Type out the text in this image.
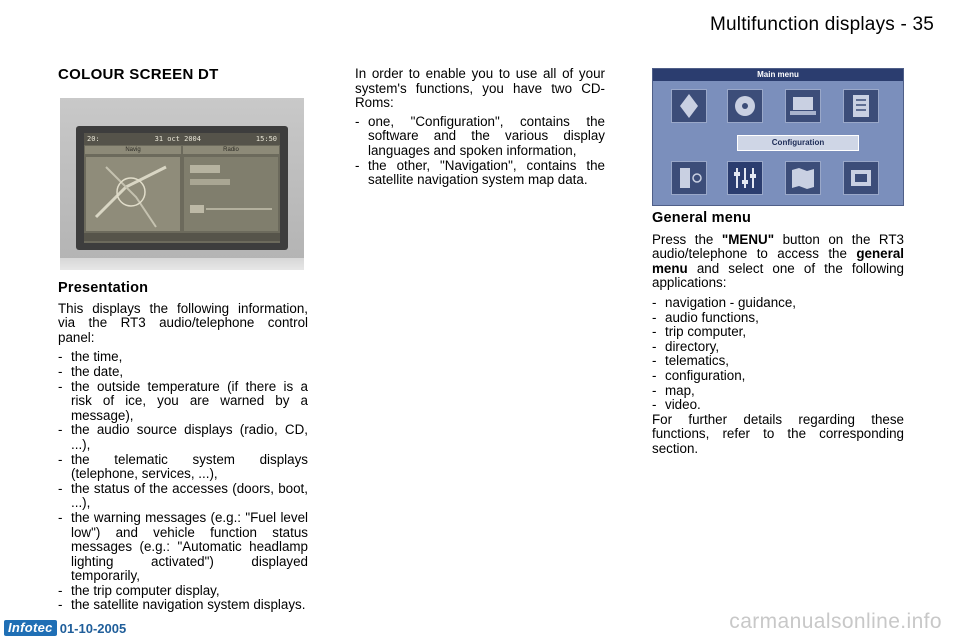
Multifunction displays - 35
COLOUR SCREEN DT
20:	31 oct 2004	15:50
Navig	Radio
Presentation

This displays the following information, via the RT3 audio/telephone control panel:

- the time,
- the date,
- the outside temperature (if there is a risk of ice, you are warned by a message),
- the audio source displays (radio, CD, ...),
- the telematic system displays (telephone, services, ...),
- the status of the accesses (doors, boot, ...),
- the warning messages (e.g.: "Fuel level low") and vehicle function status messages (e.g.: "Automatic headlamp lighting activated") displayed temporarily,
- the trip computer display,
- the satellite navigation system displays.

In order to enable you to use all of your system's functions, you have two CD-Roms:

- one, "Configuration", contains the software and the various display languages and spoken information,
- the other, "Navigation", contains the satellite navigation system map data.
Main menu
Configuration
General menu

Press the "MENU" button on the RT3 audio/telephone to access the general menu and select one of the following applications:

- navigation - guidance,
- audio functions,
- trip computer,
- directory,
- telematics,
- configuration,
- map,
- video.

For further details regarding these functions, refer to the corresponding section.

Infotec 01-10-2005	carmanualsonline.info
